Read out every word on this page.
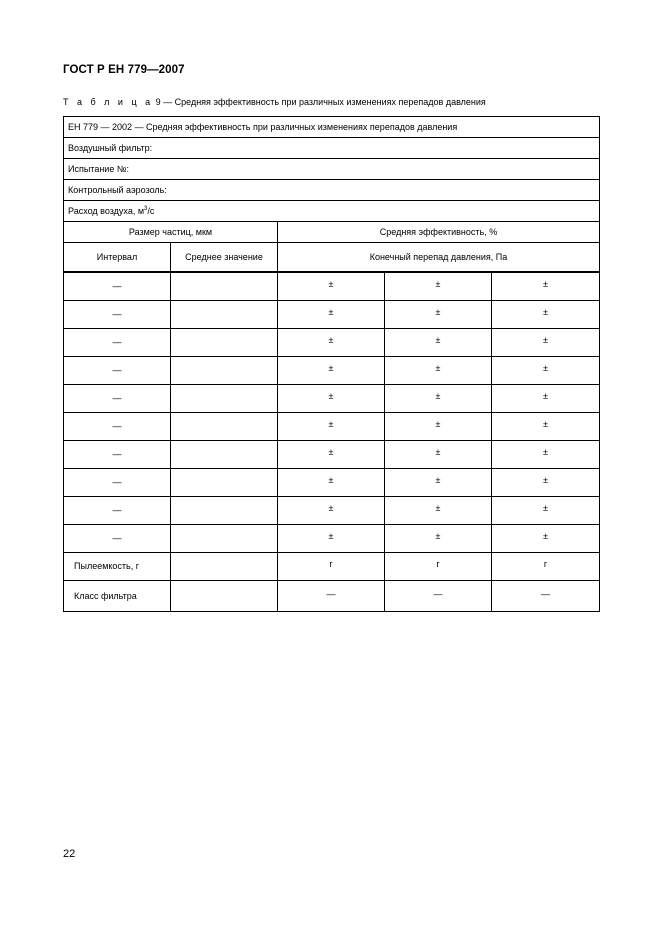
ГОСТ Р ЕН 779—2007
Т а б л и ц а 9 — Средняя эффективность при различных изменениях перепадов давления
ЕН 779 — 2002 — Средняя эффективность при различных изменениях перепадов давления				
Воздушный фильтр:				
Испытание №:				
Контрольный аэрозоль:				
Расход воздуха, $м^3/с$				
Размер частиц, мкм		Средняя эффективность, %		
Интервал	Среднее значение	Конечный перепад давления, Па		
—		±	±	±
—		±	±	±
—		±	±	±
—		±	±	±
—		±	±	±
—		±	±	±
—		±	±	±
—		±	±	±
—		±	±	±
—		±	±	±
Пылеемкость, г		г	г	г
Класс фильтра		—	—	—
22
